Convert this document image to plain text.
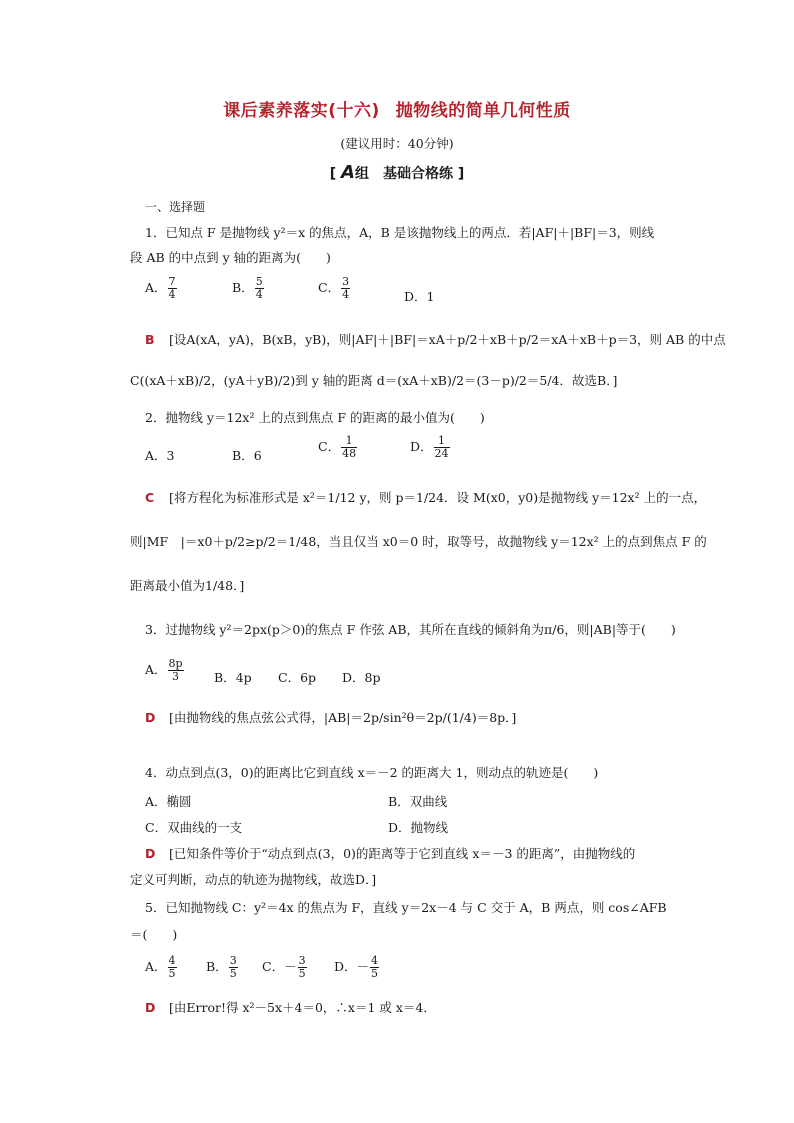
课后素养落实(十六) 抛物线的简单几何性质
(建议用时：40分钟)
[ A组　基础合格练 ]
一、选择题
1．已知点 F 是抛物线 y²＝x 的焦点，A，B 是该抛物线上的两点．若|AF|＋|BF|＝3，则线
段 AB 的中点到 y 轴的距离为(　　)
A． $\frac{7}{4}$	B． $\frac{5}{4}$	C． $\frac{3}{4}$	D．1
B [设A(xA，yA)，B(xB，yB)，则|AF|＋|BF|＝xA＋p/2＋xB＋p/2＝xA＋xB＋p＝3，则 AB 的中点
C((xA＋xB)/2，(yA＋yB)/2)到 y 轴的距离 d＝(xA＋xB)/2＝(3－p)/2＝5/4．故选B．]
2．抛物线 y＝12x² 上的点到焦点 F 的距离的最小值为(　　)
A．3	B．6
C． $\frac{1}{48}$	D． $\frac{1}{24}$
C [将方程化为标准形式是 x²＝1/12 y，则 p＝1/24．设 M(x0，y0)是抛物线 y＝12x² 上的一点，
则|MF　|＝x0＋p/2≥p/2＝1/48，当且仅当 x0＝0 时，取等号，故抛物线 y＝12x² 上的点到焦点 F 的
距离最小值为1/48．]
3．过抛物线 y²＝2px(p＞0)的焦点 F 作弦 AB，其所在直线的倾斜角为π/6，则|AB|等于(　　)
A． $\frac{8p}{3}$ B．4p C．6p D．8p
D [由抛物线的焦点弦公式得，|AB|＝2p/sin²θ＝2p/(1/4)＝8p．]
4．动点到点(3，0)的距离比它到直线 x＝－2 的距离大 1，则动点的轨迹是(　　)
A．椭圆	B．双曲线
C．双曲线的一支	D．抛物线
D [已知条件等价于“动点到点(3，0)的距离等于它到直线 x＝－3 的距离”，由抛物线的
定义可判断，动点的轨迹为抛物线，故选D．]
5．已知抛物线 C：y²＝4x 的焦点为 F，直线 y＝2x－4 与 C 交于 A，B 两点，则 cos∠AFB
＝(　　)
A． $\frac{4}{5}$ B． $\frac{3}{5}$ C．－ $\frac{3}{5}$ D．－ $\frac{4}{5}$
D [由Error!得 x²－5x＋4＝0，∴x＝1 或 x＝4．
